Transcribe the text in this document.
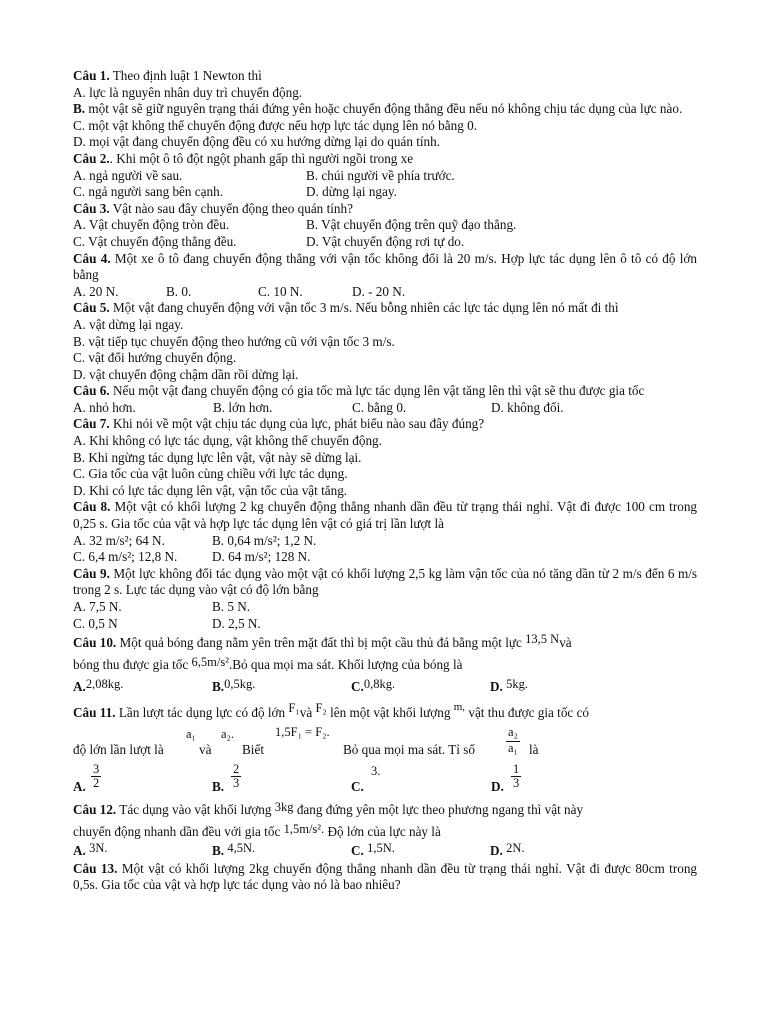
Câu 1. Theo định luật 1 Newton thì
A. lực là nguyên nhân duy trì chuyển động.
B. một vật sẽ giữ nguyên trạng thái đứng yên hoặc chuyển động thẳng đều nếu nó không chịu tác dụng của lực nào.
C. một vật không thể chuyển động được nếu hợp lực tác dụng lên nó bằng 0.
D. mọi vật đang chuyển động đều có xu hướng dừng lại do quán tính.
Câu 2.. Khi một ô tô đột ngột phanh gấp thì người ngồi trong xe
A. ngả người về sau.	B. chúi người về phía trước.
C. ngả người sang bên cạnh.	D. dừng lại ngay.
Câu 3. Vật nào sau đây chuyển động theo quán tính?
A. Vật chuyển động tròn đều.	B. Vật chuyển động trên quỹ đạo thẳng.
C. Vật chuyển động thẳng đều.	D. Vật chuyển động rơi tự do.
Câu 4. Một xe ô tô đang chuyển động thẳng với vận tốc không đổi là 20 m/s. Hợp lực tác dụng lên ô tô có độ lớn bằng
A. 20 N.	B. 0.	C. 10 N.	D. - 20 N.
Câu 5. Một vật đang chuyển động với vận tốc 3 m/s. Nếu bỗng nhiên các lực tác dụng lên nó mất đi thì
A. vật dừng lại ngay.
B. vật tiếp tục chuyển động theo hướng cũ với vận tốc 3 m/s.
C. vật đổi hướng chuyển động.
D. vật chuyển động chậm dần rồi dừng lại.
Câu 6. Nếu một vật đang chuyển động có gia tốc mà lực tác dụng lên vật tăng lên thì vật sẽ thu được gia tốc
A. nhỏ hơn.	B. lớn hơn.	C. bằng 0.	D. không đổi.
Câu 7. Khi nói về một vật chịu tác dụng của lực, phát biểu nào sau đây đúng?
A. Khi không có lực tác dụng, vật không thể chuyển động.
B. Khi ngừng tác dụng lực lên vật, vật này sẽ dừng lại.
C. Gia tốc của vật luôn cùng chiều với lực tác dụng.
D. Khi có lực tác dụng lên vật, vận tốc của vật tăng.
Câu 8. Một vật có khối lượng 2 kg chuyển động thẳng nhanh dần đều từ trạng thái nghỉ. Vật đi được 100 cm trong 0,25 s. Gia tốc của vật và hợp lực tác dụng lên vật có giá trị lần lượt là
A. 32 m/s²; 64 N.	B. 0,64 m/s²; 1,2 N.
C. 6,4 m/s²; 12,8 N.	D. 64 m/s²; 128 N.
Câu 9. Một lực không đổi tác dụng vào một vật có khối lượng 2,5 kg làm vận tốc của nó tăng dần từ 2 m/s đến 6 m/s trong 2 s. Lực tác dụng vào vật có độ lớn bằng
A. 7,5 N.	B. 5 N.
C. 0,5 N	D. 2,5 N.
Câu 10. Một quả bóng đang nằm yên trên mặt đất thì bị một cầu thủ đá bằng một lực 13,5 Nvà
bóng thu được gia tốc 6,5m/s².Bỏ qua mọi ma sát. Khối lượng của bóng là
A.2,08kg.	B.0,5kg.	C.0,8kg.	D. 5kg.
Câu 11. Lần lượt tác dụng lực có độ lớn F₁và F₂ lên một vật khối lượng $^{m,}$ vật thu được gia tốc có
a₁ a₂.	1,5F₁ = F₂.	a₂
độ lớn lần lượt là	và Biết	Bỏ qua mọi ma sát. Tỉ số	a₁ là
A. $\frac{3}{2}$	B. $\frac{2}{3}$	C.
3.
D. $\frac{1}{3}$
Câu 12. Tác dụng vào vật khối lượng 3kg đang đứng yên một lực theo phương ngang thì vật này
chuyển động nhanh dần đều với gia tốc 1,5m/s². Độ lớn của lực này là
A. 3N.	B. 4,5N.	C. 1,5N.	D. 2N.
Câu 13. Một vật có khối lượng 2kg chuyển động thẳng nhanh dần đều từ trạng thái nghỉ. Vật đi được 80cm trong 0,5s. Gia tốc của vật và hợp lực tác dụng vào nó là bao nhiêu?
